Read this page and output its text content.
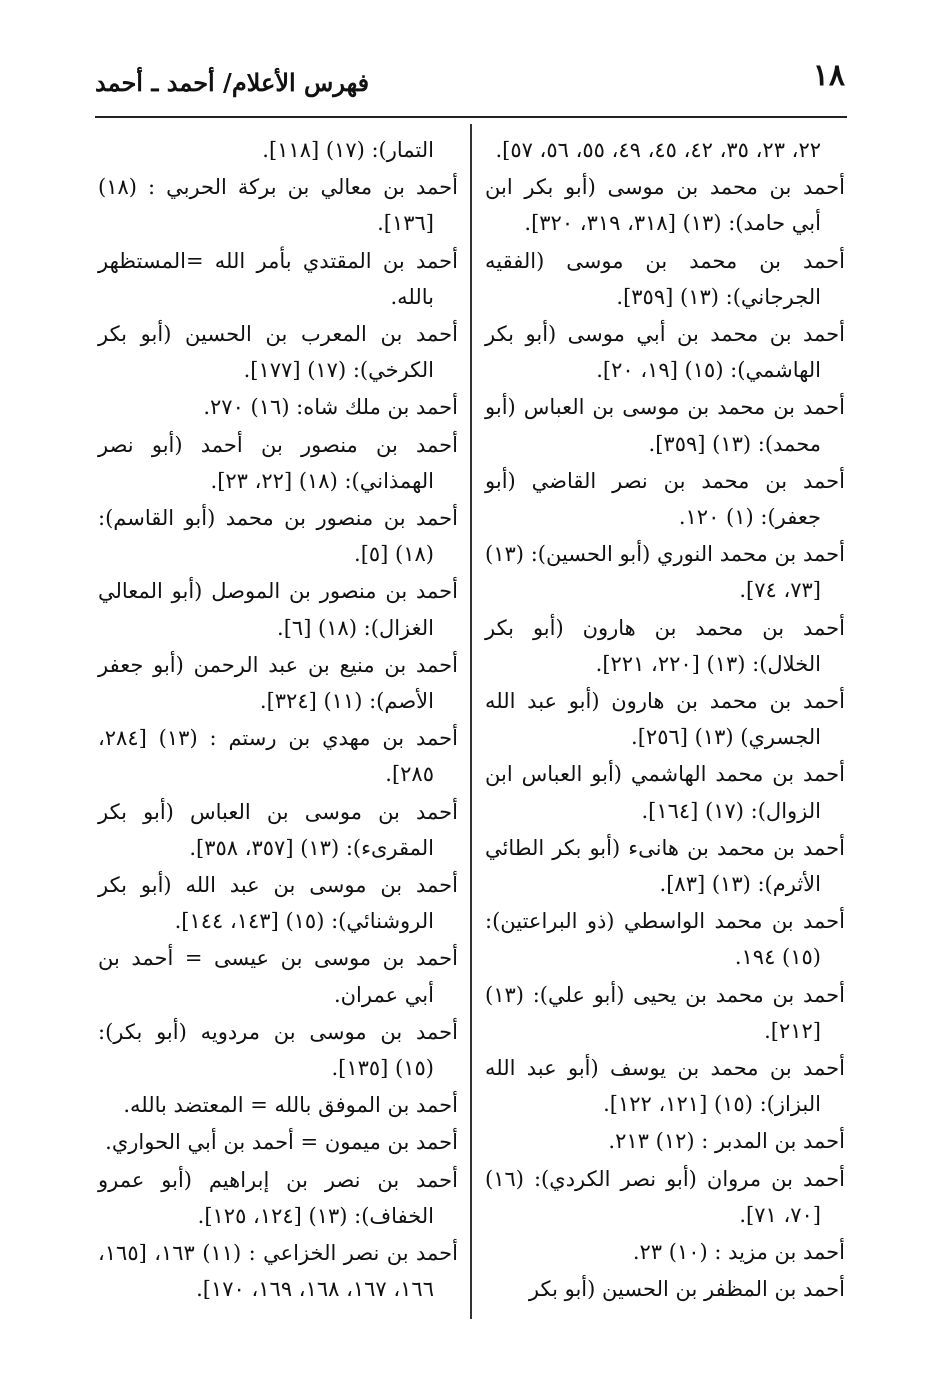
١٨
فهرس الأعلام/ أحمد ـ أحمد

٢٢، ٢٣، ٣٥، ٤٢، ٤٥، ٤٩، ٥٥، ٥٦، ٥٧].

أحمد بن محمد بن موسى (أبو بكر ابن أبي حامد): (١٣) [٣١٨، ٣١٩، ٣٢٠].

أحمد بن محمد بن موسى (الفقيه الجرجاني): (١٣) [٣٥٩].

أحمد بن محمد بن أبي موسى (أبو بكر الهاشمي): (١٥) [١٩، ٢٠].

أحمد بن محمد بن موسى بن العباس (أبو محمد): (١٣) [٣٥٩].

أحمد بن محمد بن نصر القاضي (أبو جعفر): (١) ١٢٠.

أحمد بن محمد النوري (أبو الحسين): (١٣) [٧٣، ٧٤].

أحمد بن محمد بن هارون (أبو بكر الخلال): (١٣) [٢٢٠، ٢٢١].

أحمد بن محمد بن هارون (أبو عبد الله الجسري) (١٣) [٢٥٦].

أحمد بن محمد الهاشمي (أبو العباس ابن الزوال): (١٧) [١٦٤].

أحمد بن محمد بن هانىء (أبو بكر الطائي الأثرم): (١٣) [٨٣].

أحمد بن محمد الواسطي (ذو البراعتين): (١٥) ١٩٤.

أحمد بن محمد بن يحيى (أبو علي): (١٣) [٢١٢].

أحمد بن محمد بن يوسف (أبو عبد الله البزاز): (١٥) [١٢١، ١٢٢].

أحمد بن المدبر : (١٢) ٢١٣.

أحمد بن مروان (أبو نصر الكردي): (١٦) [٧٠، ٧١].

أحمد بن مزيد : (١٠) ٢٣.

أحمد بن المظفر بن الحسين (أبو بكر

التمار): (١٧) [١١٨].

أحمد بن معالي بن بركة الحربي : (١٨) [١٣٦].

أحمد بن المقتدي بأمر الله =المستظهر بالله.

أحمد بن المعرب بن الحسين (أبو بكر الكرخي): (١٧) [١٧٧].

أحمد بن ملك شاه: (١٦) ٢٧٠.

أحمد بن منصور بن أحمد (أبو نصر الهمذاني): (١٨) [٢٢، ٢٣].

أحمد بن منصور بن محمد (أبو القاسم): (١٨) [٥].

أحمد بن منصور بن الموصل (أبو المعالي الغزال): (١٨) [٦].

أحمد بن منيع بن عبد الرحمن (أبو جعفر الأصم): (١١) [٣٢٤].

أحمد بن مهدي بن رستم : (١٣) [٢٨٤، ٢٨٥].

أحمد بن موسى بن العباس (أبو بكر المقرىء): (١٣) [٣٥٧، ٣٥٨].

أحمد بن موسى بن عبد الله (أبو بكر الروشنائي): (١٥) [١٤٣، ١٤٤].

أحمد بن موسى بن عيسى = أحمد بن أبي عمران.

أحمد بن موسى بن مردويه (أبو بكر): (١٥) [١٣٥].

أحمد بن الموفق بالله = المعتضد بالله.

أحمد بن ميمون = أحمد بن أبي الحواري.

أحمد بن نصر بن إبراهيم (أبو عمرو الخفاف): (١٣) [١٢٤، ١٢٥].

أحمد بن نصر الخزاعي : (١١) ١٦٣، [١٦٥، ١٦٦، ١٦٧، ١٦٨، ١٦٩، ١٧٠].
